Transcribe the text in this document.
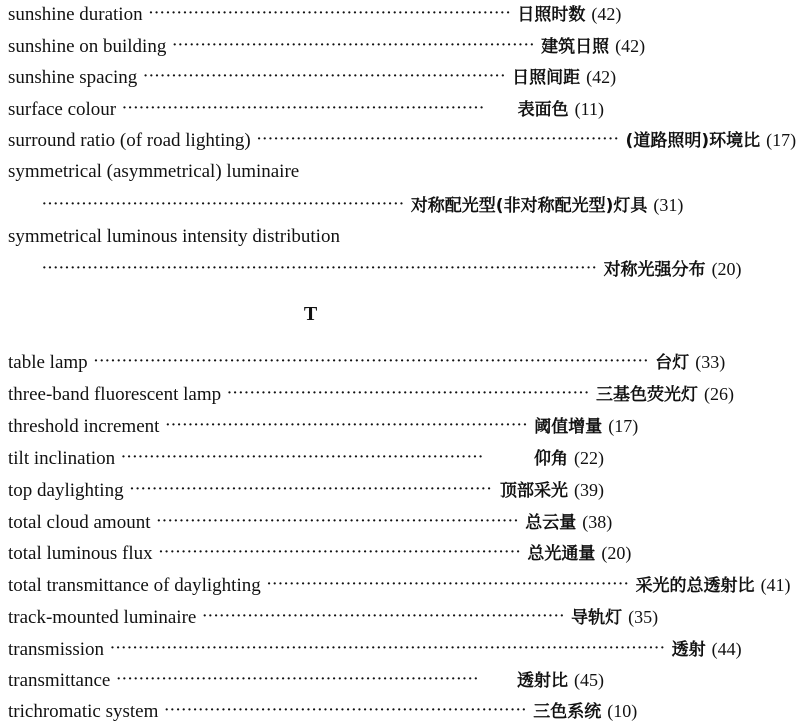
sunshine duration ································································ 日照时数 (42)
sunshine on building ································································ 建筑日照 (42)
sunshine spacing ································································ 日照间距 (42)
surface colour ································································	表面色 (11)
surround ratio (of road lighting) ································································ (道路照明)环境比 (17)
symmetrical (asymmetrical) luminaire
································································ 对称配光型(非对称配光型)灯具 (31)
symmetrical luminous intensity distribution
·································································································· 对称光强分布 (20)
T
table lamp ·································································································· 台灯 (33)
three-band fluorescent lamp ································································ 三基色荧光灯 (26)
threshold increment ································································ 阈值增量 (17)
tilt inclination ································································	仰角 (22)
top daylighting ································································ 顶部采光 (39)
total cloud amount ································································ 总云量 (38)
total luminous flux ································································ 总光通量 (20)
total transmittance of daylighting ································································ 采光的总透射比 (41)
track-mounted luminaire ································································ 导轨灯 (35)
transmission ·································································································· 透射 (44)
transmittance ································································	透射比 (45)
trichromatic system ································································ 三色系统 (10)
